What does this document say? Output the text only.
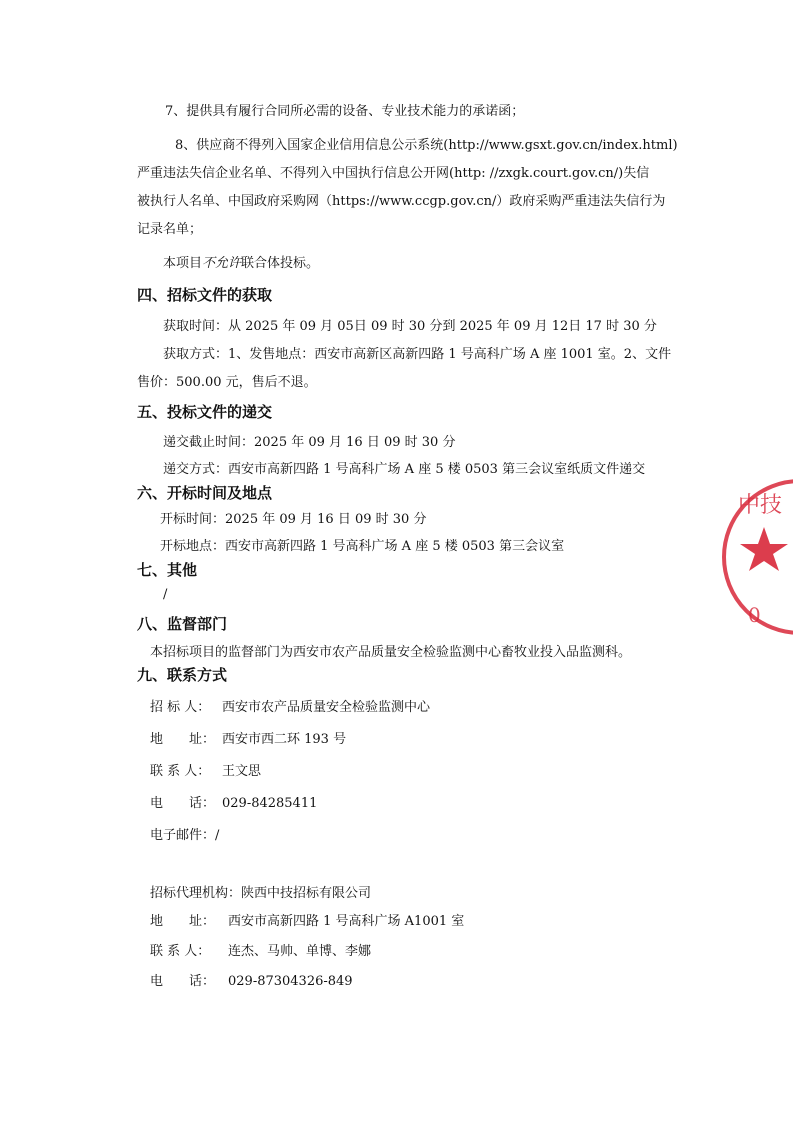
7、提供具有履行合同所必需的设备、专业技术能力的承诺函；
8、供应商不得列入国家企业信用信息公示系统(http://www.gsxt.gov.cn/index.html)
严重违法失信企业名单、不得列入中国执行信息公开网(http: //zxgk.court.gov.cn/)失信
被执行人名单、中国政府采购网（https://www.ccgp.gov.cn/）政府采购严重违法失信行为
记录名单；
本项目不允许联合体投标。
四、招标文件的获取
获取时间：从 2025 年 09 月 05日 09 时 30 分到 2025 年 09 月 12日 17 时 30 分
获取方式：1、发售地点：西安市高新区高新四路 1 号高科广场 A 座 1001 室。2、文件
售价：500.00 元，售后不退。
五、投标文件的递交
递交截止时间：2025 年 09 月 16 日 09 时 30 分
递交方式：西安市高新四路 1 号高科广场 A 座 5 楼 0503 第三会议室纸质文件递交
六、开标时间及地点
开标时间：2025 年 09 月 16 日 09 时 30 分
开标地点：西安市高新四路 1 号高科广场 A 座 5 楼 0503 第三会议室
七、其他
/
八、监督部门
本招标项目的监督部门为西安市农产品质量安全检验监测中心畜牧业投入品监测科。
九、联系方式
招 标 人： 西安市农产品质量安全检验监测中心
地　　址： 西安市西二环 193 号
联 系 人： 王文思
电　　话： 029-84285411
电子邮件：/
招标代理机构：陕西中技招标有限公司
地　　址： 西安市高新四路 1 号高科广场 A1001 室
联 系 人： 连杰、马帅、单博、李娜
电　　话： 029-87304326-849
中技
0
